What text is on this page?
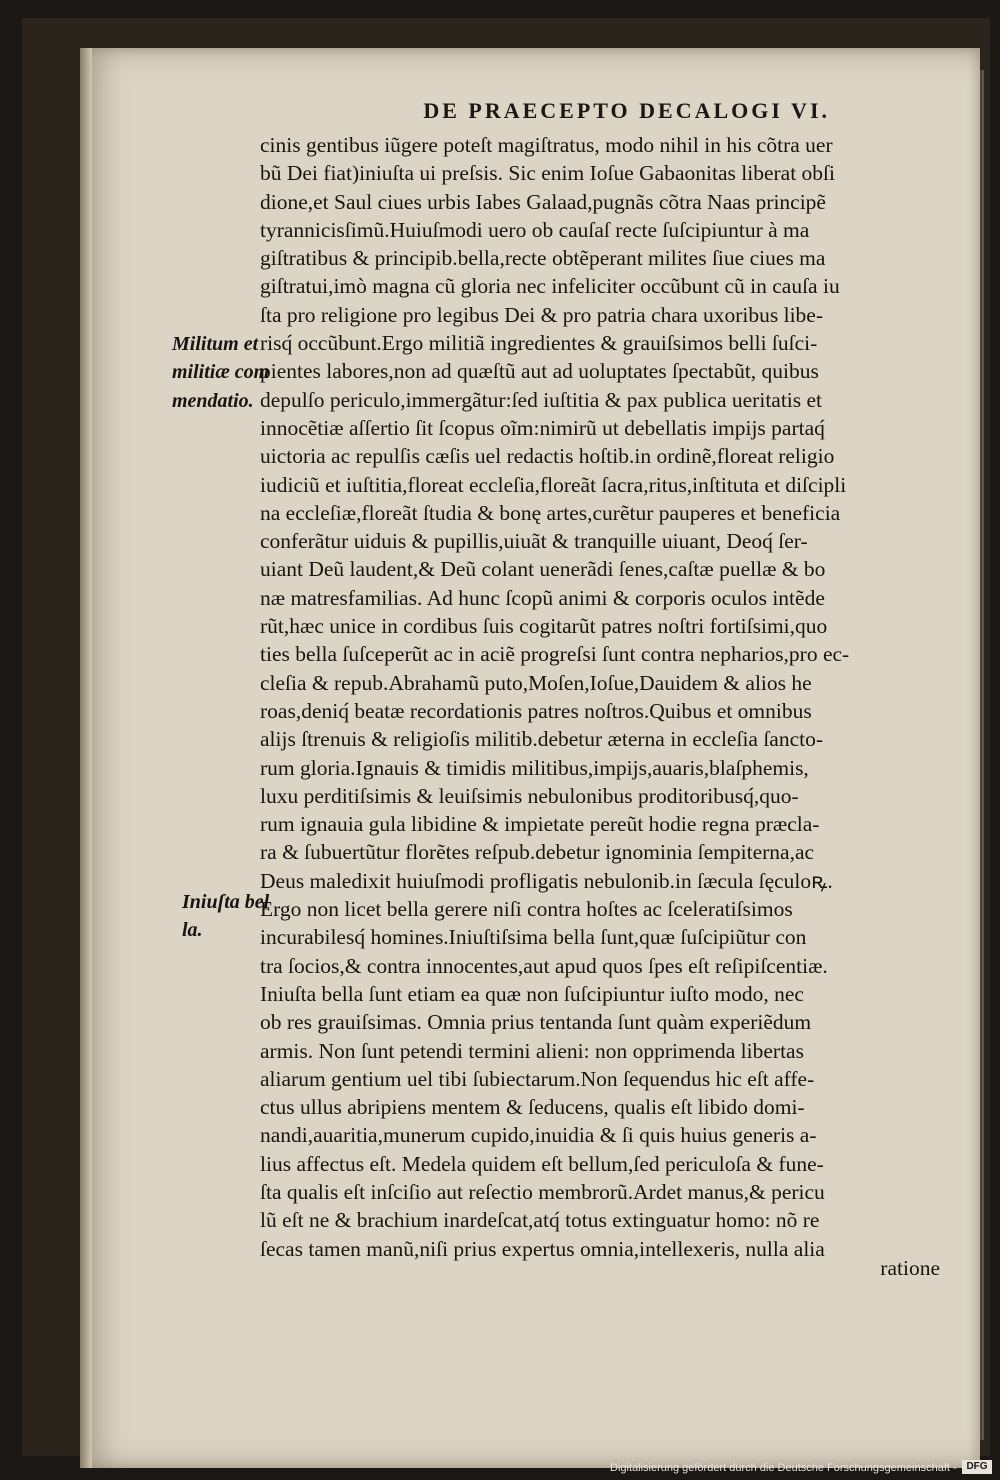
DE PRAECEPTO DECALOGI VI.
cinis gentibus iũgere poteſt magiſtratus, modo nihil in his cõtra uer
bũ Dei fiat)iniuſta ui preſsis. Sic enim Ioſue Gabaonitas liberat obſi
dione,et Saul ciues urbis Iabes Galaad,pugnãs cõtra Naas principẽ
tyrannicisſimũ.Huiuſmodi uero ob cauſaſ recte ſuſcipiuntur à ma
giſtratibus & principib.bella,recte obtẽperant milites ſiue ciues ma
giſtratui,imò magna cũ gloria nec infeliciter occũbunt cũ in cauſa iu
ſta pro religione pro legibus Dei & pro patria chara uxoribus libe-
risq́ occũbunt.Ergo militiã ingredientes & grauiſsimos belli ſuſci-
pientes labores,non ad quæſtũ aut ad uoluptates ſpectabũt, quibus
depulſo periculo,immergãtur:ſed iuſtitia & pax publica ueritatis et
innocẽtiæ aſſertio ſit ſcopus oĩm:nimirũ ut debellatis impijs partaq́
uictoria ac repulſis cæſis uel redactis hoſtib.in ordinẽ,floreat religio
iudiciũ et iuſtitia,floreat eccleſia,floreãt ſacra,ritus,inſtituta et diſcipli
na eccleſiæ,floreãt ſtudia & bonę artes,curẽtur pauperes et beneficia
conferãtur uiduis & pupillis,uiuãt & tranquille uiuant, Deoq́ ſer-
uiant Deũ laudent,& Deũ colant uenerãdi ſenes,caſtæ puellæ & bo
næ matresfamilias. Ad hunc ſcopũ animi & corporis oculos intẽde
rũt,hæc unice in cordibus ſuis cogitarũt patres noſtri fortiſsimi,quo
ties bella ſuſceperũt ac in aciẽ progreſsi ſunt contra nepharios,pro ec-
cleſia & repub.Abrahamũ puto,Moſen,Ioſue,Dauidem & alios he
roas,deniq́ beatæ recordationis patres noſtros.Quibus et omnibus
alijs ſtrenuis & religioſis militib.debetur æterna in eccleſia ſancto-
rum gloria.Ignauis & timidis militibus,impijs,auaris,blaſphemis,
luxu perditiſsimis & leuiſsimis nebulonibus proditoribusq́,quo-
rum ignauia gula libidine & impietate pereũt hodie regna præcla-
ra & ſubuertũtur florẽtes reſpub.debetur ignominia ſempiterna,ac
Deus maledixit huiuſmodi profligatis nebulonib.in ſæcula ſęculoꝶ.
Ergo non licet bella gerere niſi contra hoſtes ac ſceleratiſsimos
incurabilesq́ homines.Iniuſtiſsima bella ſunt,quæ ſuſcipiũtur con
tra ſocios,& contra innocentes,aut apud quos ſpes eſt reſipiſcentiæ.
Iniuſta bella ſunt etiam ea quæ non ſuſcipiuntur iuſto modo, nec
ob res grauiſsimas. Omnia prius tentanda ſunt quàm experiẽdum
armis. Non ſunt petendi termini alieni: non opprimenda libertas
aliarum gentium uel tibi ſubiectarum.Non ſequendus hic eſt affe-
ctus ullus abripiens mentem & ſeducens, qualis eſt libido domi-
nandi,auaritia,munerum cupido,inuidia & ſi quis huius generis a-
lius affectus eſt. Medela quidem eſt bellum,ſed periculoſa & fune-
ſta qualis eſt inſciſio aut reſectio membrorũ.Ardet manus,& pericu
lũ eſt ne & brachium inardeſcat,atq́ totus extinguatur homo: nõ re
ſecas tamen manũ,niſi prius expertus omnia,intellexeris, nulla alia
ratione
Militum et
militiæ com
mendatio.
Iniuſta bel
la.
Digitalisierung gefördert durch die Deutsche Forschungsgemeinschaft - DFG
